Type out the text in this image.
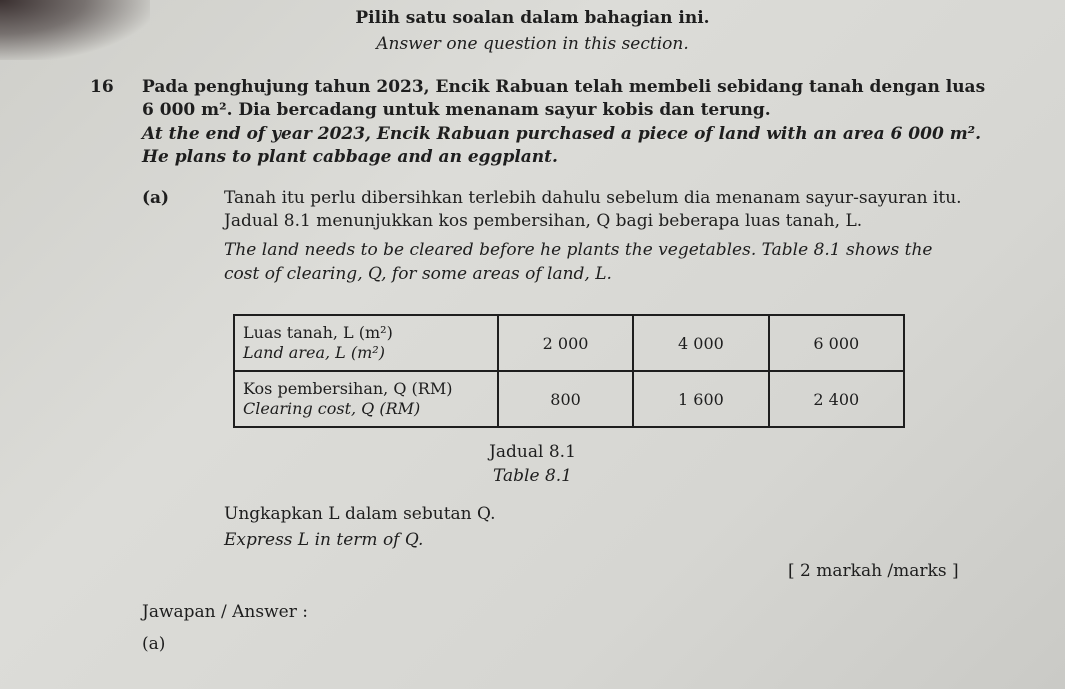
Pilih satu soalan dalam bahagian ini.
Answer one question in this section.
16 Pada penghujung tahun 2023, Encik Rabuan telah membeli sebidang tanah dengan luas
6 000 m². Dia bercadang untuk menanam sayur kobis dan terung.
At the end of year 2023, Encik Rabuan purchased a piece of land with an area 6 000 m².
He plans to plant cabbage and an eggplant.
(a)	Tanah itu perlu dibersihkan terlebih dahulu sebelum dia menanam sayur-sayuran itu.
Jadual 8.1 menunjukkan kos pembersihan, Q bagi beberapa luas tanah, L.
The land needs to be cleared before he plants the vegetables. Table 8.1 shows the
cost of clearing, Q, for some areas of land, L.
Luas tanah, L (m²)
Land area, L (m²)	2 000	4 000	6 000

Kos pembersihan, Q (RM)
Clearing cost, Q (RM)	800	1 600	2 400
Jadual 8.1
Table 8.1
Ungkapkan L dalam sebutan Q.
Express L in term of Q.
[ 2 markah /marks ]
Jawapan / Answer :
(a)
